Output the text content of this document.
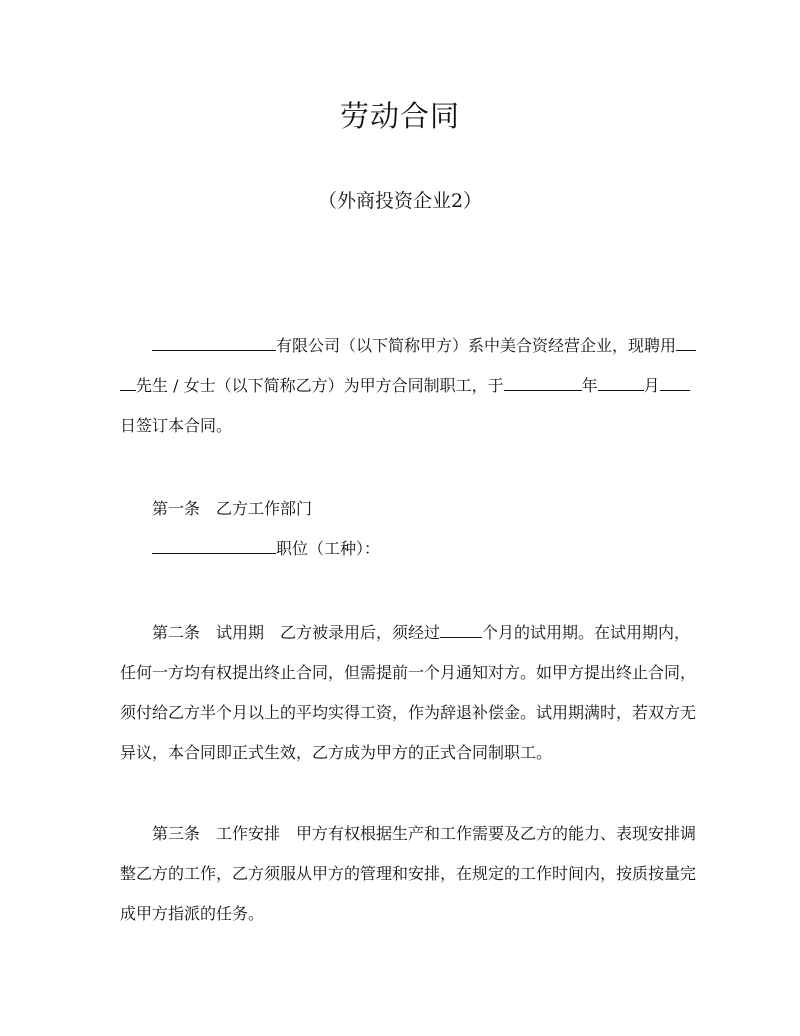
劳动合同
（外商投资企业2）
有限公司（以下简称甲方）系中美合资经营企业，现聘用
先生 / 女士（以下简称乙方）为甲方合同制职工，于	年	月
日签订本合同。
第一条 乙方工作部门
职位（工种）：
第二条 试用期 乙方被录用后，须经过	个月的试用期。在试用期内，
任何一方均有权提出终止合同，但需提前一个月通知对方。如甲方提出终止合同，
须付给乙方半个月以上的平均实得工资，作为辞退补偿金。试用期满时，若双方无
异议，本合同即正式生效，乙方成为甲方的正式合同制职工。
第三条 工作安排 甲方有权根据生产和工作需要及乙方的能力、表现安排调
整乙方的工作，乙方须服从甲方的管理和安排，在规定的工作时间内，按质按量完
成甲方指派的任务。
